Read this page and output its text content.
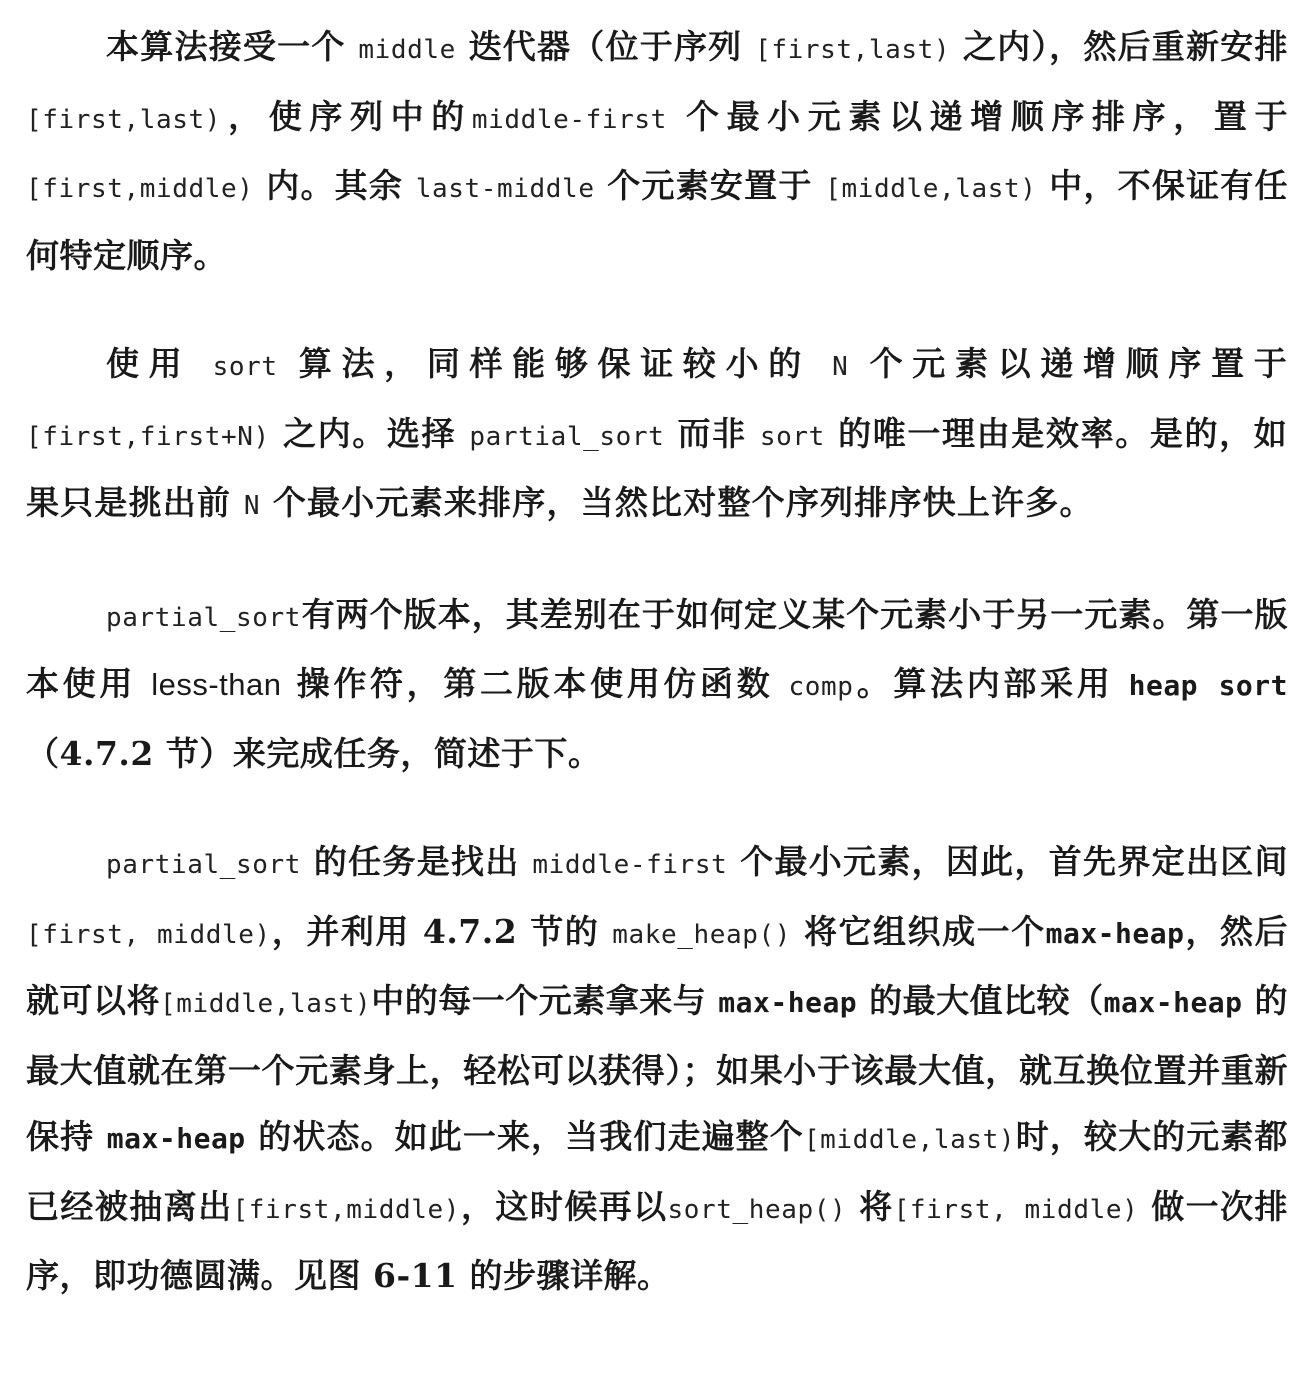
本算法接受一个 middle 迭代器（位于序列 [first,last) 之内），然后重新安排 [first,last)，使序列中的middle-first 个最小元素以递增顺序排序，置于[first,middle) 内。其余 last-middle 个元素安置于 [middle,last) 中，不保证有任何特定顺序。

使用 sort 算法，同样能够保证较小的 N 个元素以递增顺序置于[first,first+N) 之内。选择 partial_sort 而非 sort 的唯一理由是效率。是的，如果只是挑出前 N 个最小元素来排序，当然比对整个序列排序快上许多。

partial_sort有两个版本，其差别在于如何定义某个元素小于另一元素。第一版本使用 less-than 操作符，第二版本使用仿函数 comp。算法内部采用 heap sort（4.7.2 节）来完成任务，简述于下。

partial_sort 的任务是找出 middle-first 个最小元素，因此，首先界定出区间 [first, middle)，并利用 4.7.2 节的 make_heap() 将它组织成一个max-heap，然后就可以将[middle,last)中的每一个元素拿来与 max-heap 的最大值比较（max-heap 的最大值就在第一个元素身上，轻松可以获得）；如果小于该最大值，就互换位置并重新保持 max-heap 的状态。如此一来，当我们走遍整个[middle,last)时，较大的元素都已经被抽离出[first,middle)，这时候再以sort_heap() 将[first, middle) 做一次排序，即功德圆满。见图 6-11 的步骤详解。
